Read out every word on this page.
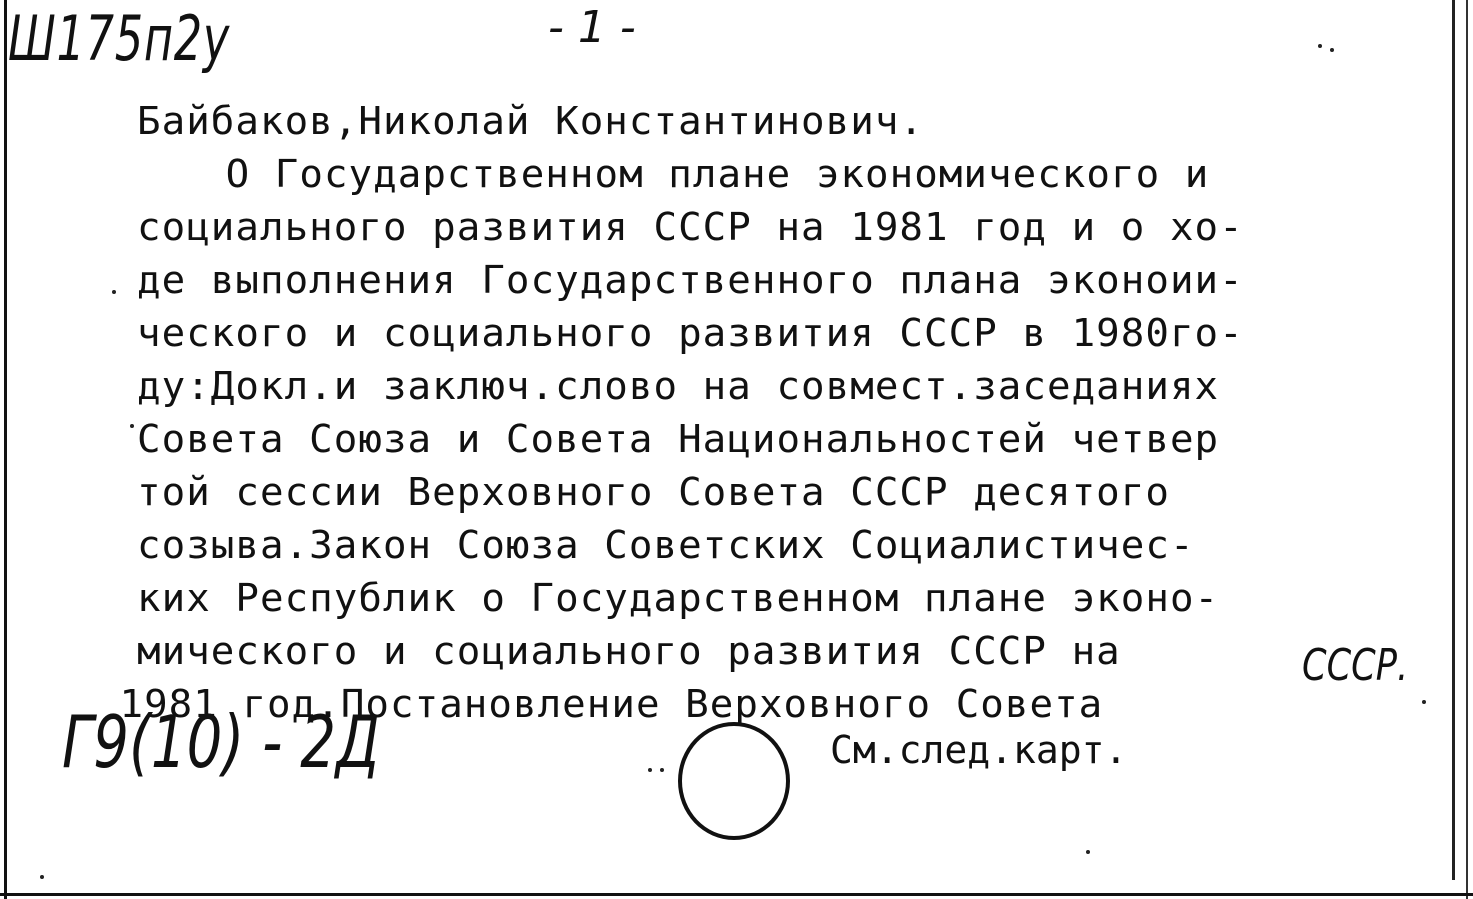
Ш175п2у	- 1 -
Байбаков,Николай Константинович.
О Государственном плане экономического и
социального развития СССР на 1981 год и о хо-
де выполнения Государственного плана эконоии-
ческого и социального развития СССР в 1980го-
ду:Докл.и заключ.слово на совмест.заседаниях
Совета Союза и Совета Национальностей четвер
той сессии Верховного Совета СССР десятого
созыва.Закон Союза Советских Социалистичес-
ких Республик о Государственном плане эконо-
мического и социального развития СССР на
1981 год.Постановление Верховного Совета
СССР.
Г9(10) - 2Д	См.след.карт.
